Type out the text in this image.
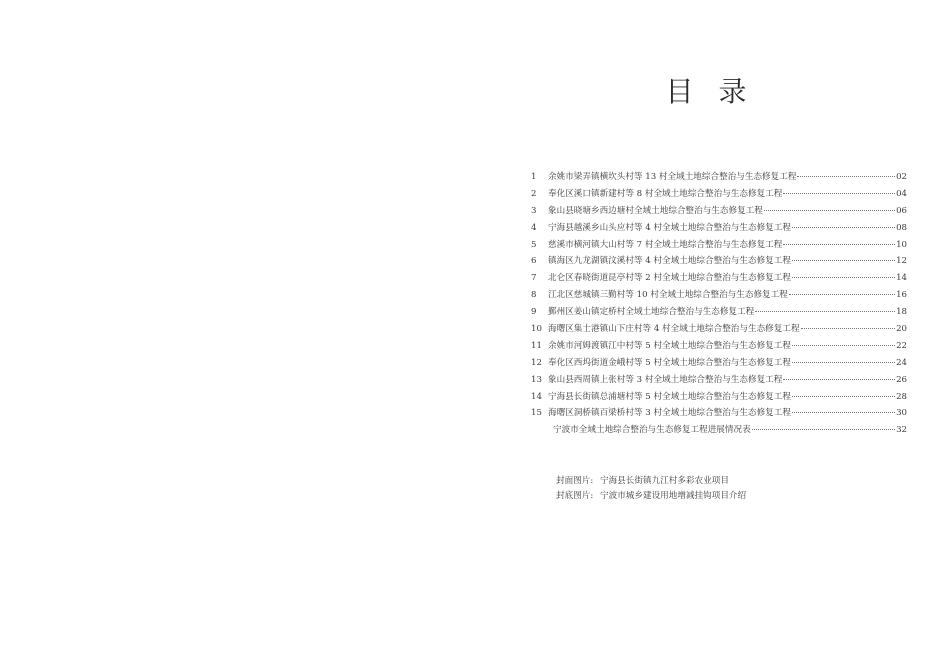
目 录
1	余姚市梁弄镇横坎头村等 13 村全域土地综合整治与生态修复工程	02
2	奉化区溪口镇新建村等 8 村全域土地综合整治与生态修复工程	04
3	象山县晓塘乡西边塘村全域土地综合整治与生态修复工程	06
4	宁海县越溪乡山头应村等 4 村全域土地综合整治与生态修复工程	08
5	慈溪市横河镇大山村等 7 村全域土地综合整治与生态修复工程	10
6	镇海区九龙湖镇汶溪村等 4 村全域土地综合整治与生态修复工程	12
7	北仑区春晓街道昆亭村等 2 村全域土地综合整治与生态修复工程	14
8	江北区慈城镇三勤村等 10 村全域土地综合整治与生态修复工程	16
9	鄞州区姜山镇定桥村全域土地综合整治与生态修复工程	18
10 海曙区集士港镇山下庄村等 4 村全域土地综合整治与生态修复工程	20
11 余姚市河姆渡镇江中村等 5 村全域土地综合整治与生态修复工程	22
12 奉化区西坞街道金峨村等 5 村全域土地综合整治与生态修复工程	24
13 象山县西周镇上张村等 3 村全域土地综合整治与生态修复工程	26
14 宁海县长街镇总浦塘村等 5 村全域土地综合整治与生态修复工程	28
15 海曙区洞桥镇百梁桥村等 3 村全域土地综合整治与生态修复工程	30
宁波市全域土地综合整治与生态修复工程进展情况表	32
封面图片: 宁海县长街镇九江村多彩农业项目
封底图片: 宁波市城乡建设用地增减挂钩项目介绍
